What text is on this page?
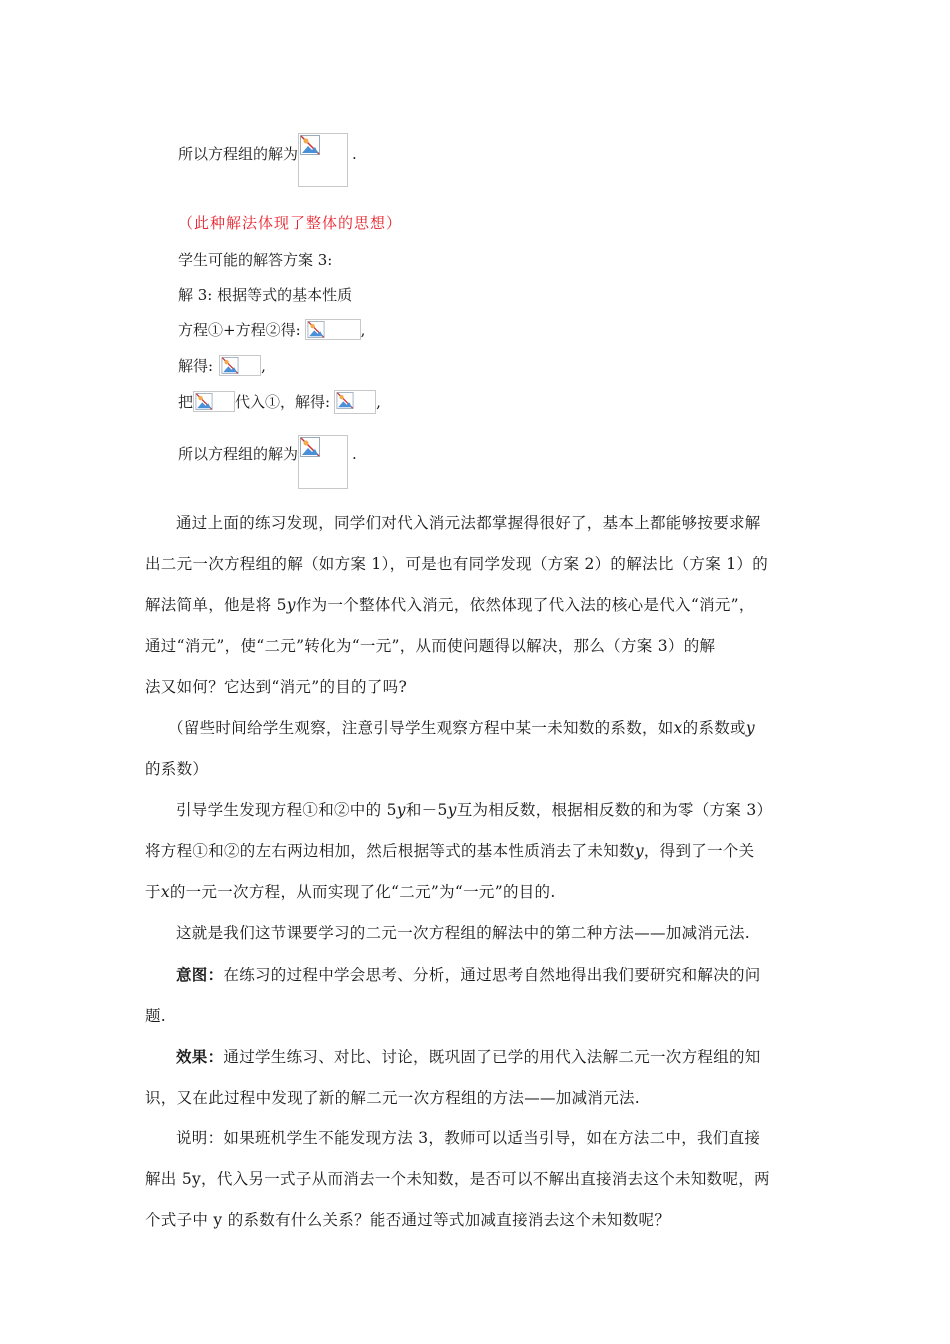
所以方程组的解为	.
（此种解法体现了整体的思想）
学生可能的解答方案 3:
解 3: 根据等式的基本性质
方程①+方程②得:	,
解得:	,
把	代入①，解得:	,
所以方程组的解为	.
通过上面的练习发现，同学们对代入消元法都掌握得很好了，基本上都能够按要求解
出二元一次方程组的解（如方案 1），可是也有同学发现（方案 2）的解法比（方案 1）的
解法简单，他是将 5y作为一个整体代入消元，依然体现了代入法的核心是代入“消元”，
通过“消元”，使“二元”转化为“一元”，从而使问题得以解决，那么（方案 3）的解
法又如何？它达到“消元”的目的了吗?
（留些时间给学生观察，注意引导学生观察方程中某一未知数的系数，如x的系数或y
的系数）
引导学生发现方程①和②中的 5y和－5y互为相反数，根据相反数的和为零（方案 3）
将方程①和②的左右两边相加，然后根据等式的基本性质消去了未知数y，得到了一个关
于x的一元一次方程，从而实现了化“二元”为“一元”的目的.
这就是我们这节课要学习的二元一次方程组的解法中的第二种方法——加减消元法.
意图：在练习的过程中学会思考、分析，通过思考自然地得出我们要研究和解决的问
题.
效果：通过学生练习、对比、讨论，既巩固了已学的用代入法解二元一次方程组的知
识，又在此过程中发现了新的解二元一次方程组的方法——加减消元法.
说明：如果班机学生不能发现方法 3，教师可以适当引导，如在方法二中，我们直接
解出 5y，代入另一式子从而消去一个未知数，是否可以不解出直接消去这个未知数呢，两
个式子中 y 的系数有什么关系？能否通过等式加减直接消去这个未知数呢？
